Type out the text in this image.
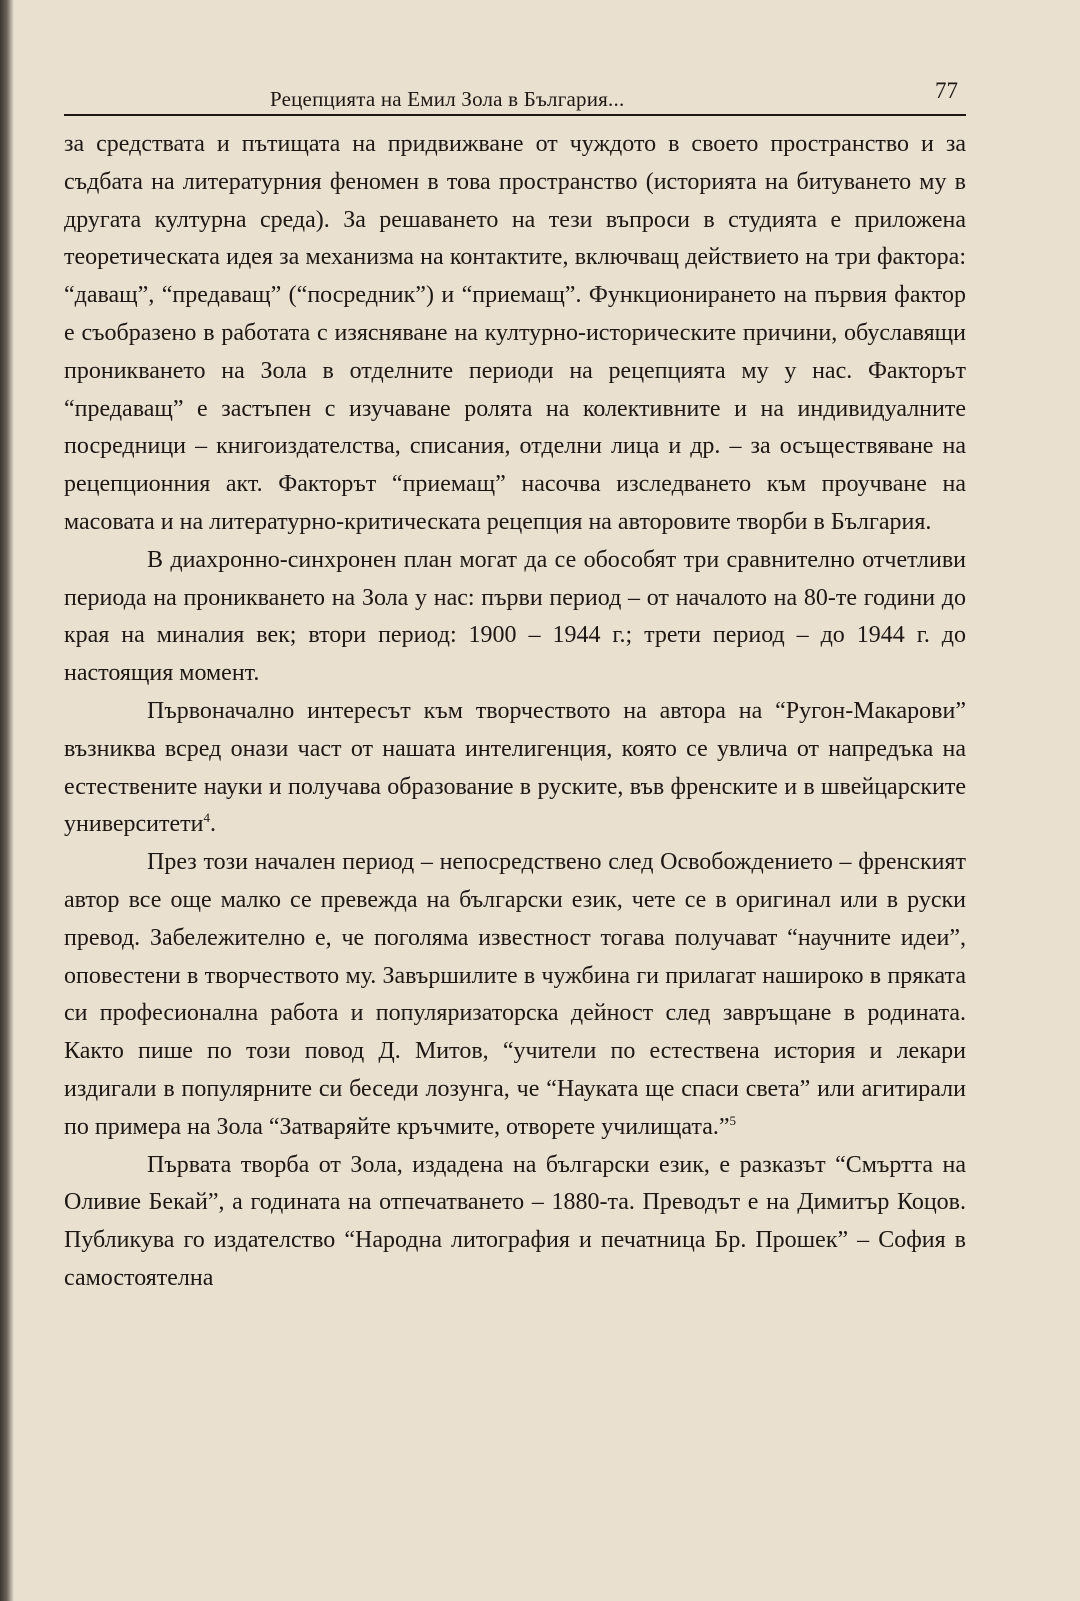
Рецепцията на Емил Зола в България...	77

за средствата и пътищата на придвижване от чуждото в своето пространство и за съдбата на литературния феномен в това пространство (историята на битуването му в другата културна среда). За решаването на тези въпроси в студията е приложена теоретическата идея за механизма на контактите, включващ действието на три фактора: “даващ”, “предаващ” (“посредник”) и “приемащ”. Функционирането на първия фактор е съобразено в работата с изясняване на културно-историческите причини, обуславящи проникването на Зола в отделните периоди на рецепцията му у нас. Факторът “предаващ” е застъпен с изучаване ролята на колективните и на индивидуалните посредници – книгоиздателства, списания, отделни лица и др. – за осъществяване на рецепционния акт. Факторът “приемащ” насочва изследването към проучване на масовата и на литературно-критическата рецепция на авторовите творби в България.

В диахронно-синхронен план могат да се обособят три сравнително отчетливи периода на проникването на Зола у нас: първи период – от началото на 80-те години до края на миналия век; втори период: 1900 – 1944 г.; трети период – до 1944 г. до настоящия момент.

Първоначално интересът към творчеството на автора на “Ругон-Макарови” възниква всред онази част от нашата интелигенция, която се увлича от напредъка на естествените науки и получава образование в руските, във френските и в швейцарските университети$^4$.

През този начален период – непосредствено след Освобождението – френският автор все още малко се превежда на български език, чете се в оригинал или в руски превод. Забележително е, че поголяма известност тогава получават “научните идеи”, оповестени в творчеството му. Завършилите в чужбина ги прилагат нашироко в пряката си професионална работа и популяризаторска дейност след завръщане в родината. Както пише по този повод Д. Митов, “учители по естествена история и лекари издигали в популярните си беседи лозунга, че “Науката ще спаси света” или агитирали по примера на Зола “Затваряйте кръчмите, отворете училищата.”$^5$

Първата творба от Зола, издадена на български език, е разказът “Смъртта на Оливие Бекай”, а годината на отпечатването – 1880-та. Преводът е на Димитър Коцов. Публикува го издателство “Народна литография и печатница Бр. Прошек” – София в самостоятелна
